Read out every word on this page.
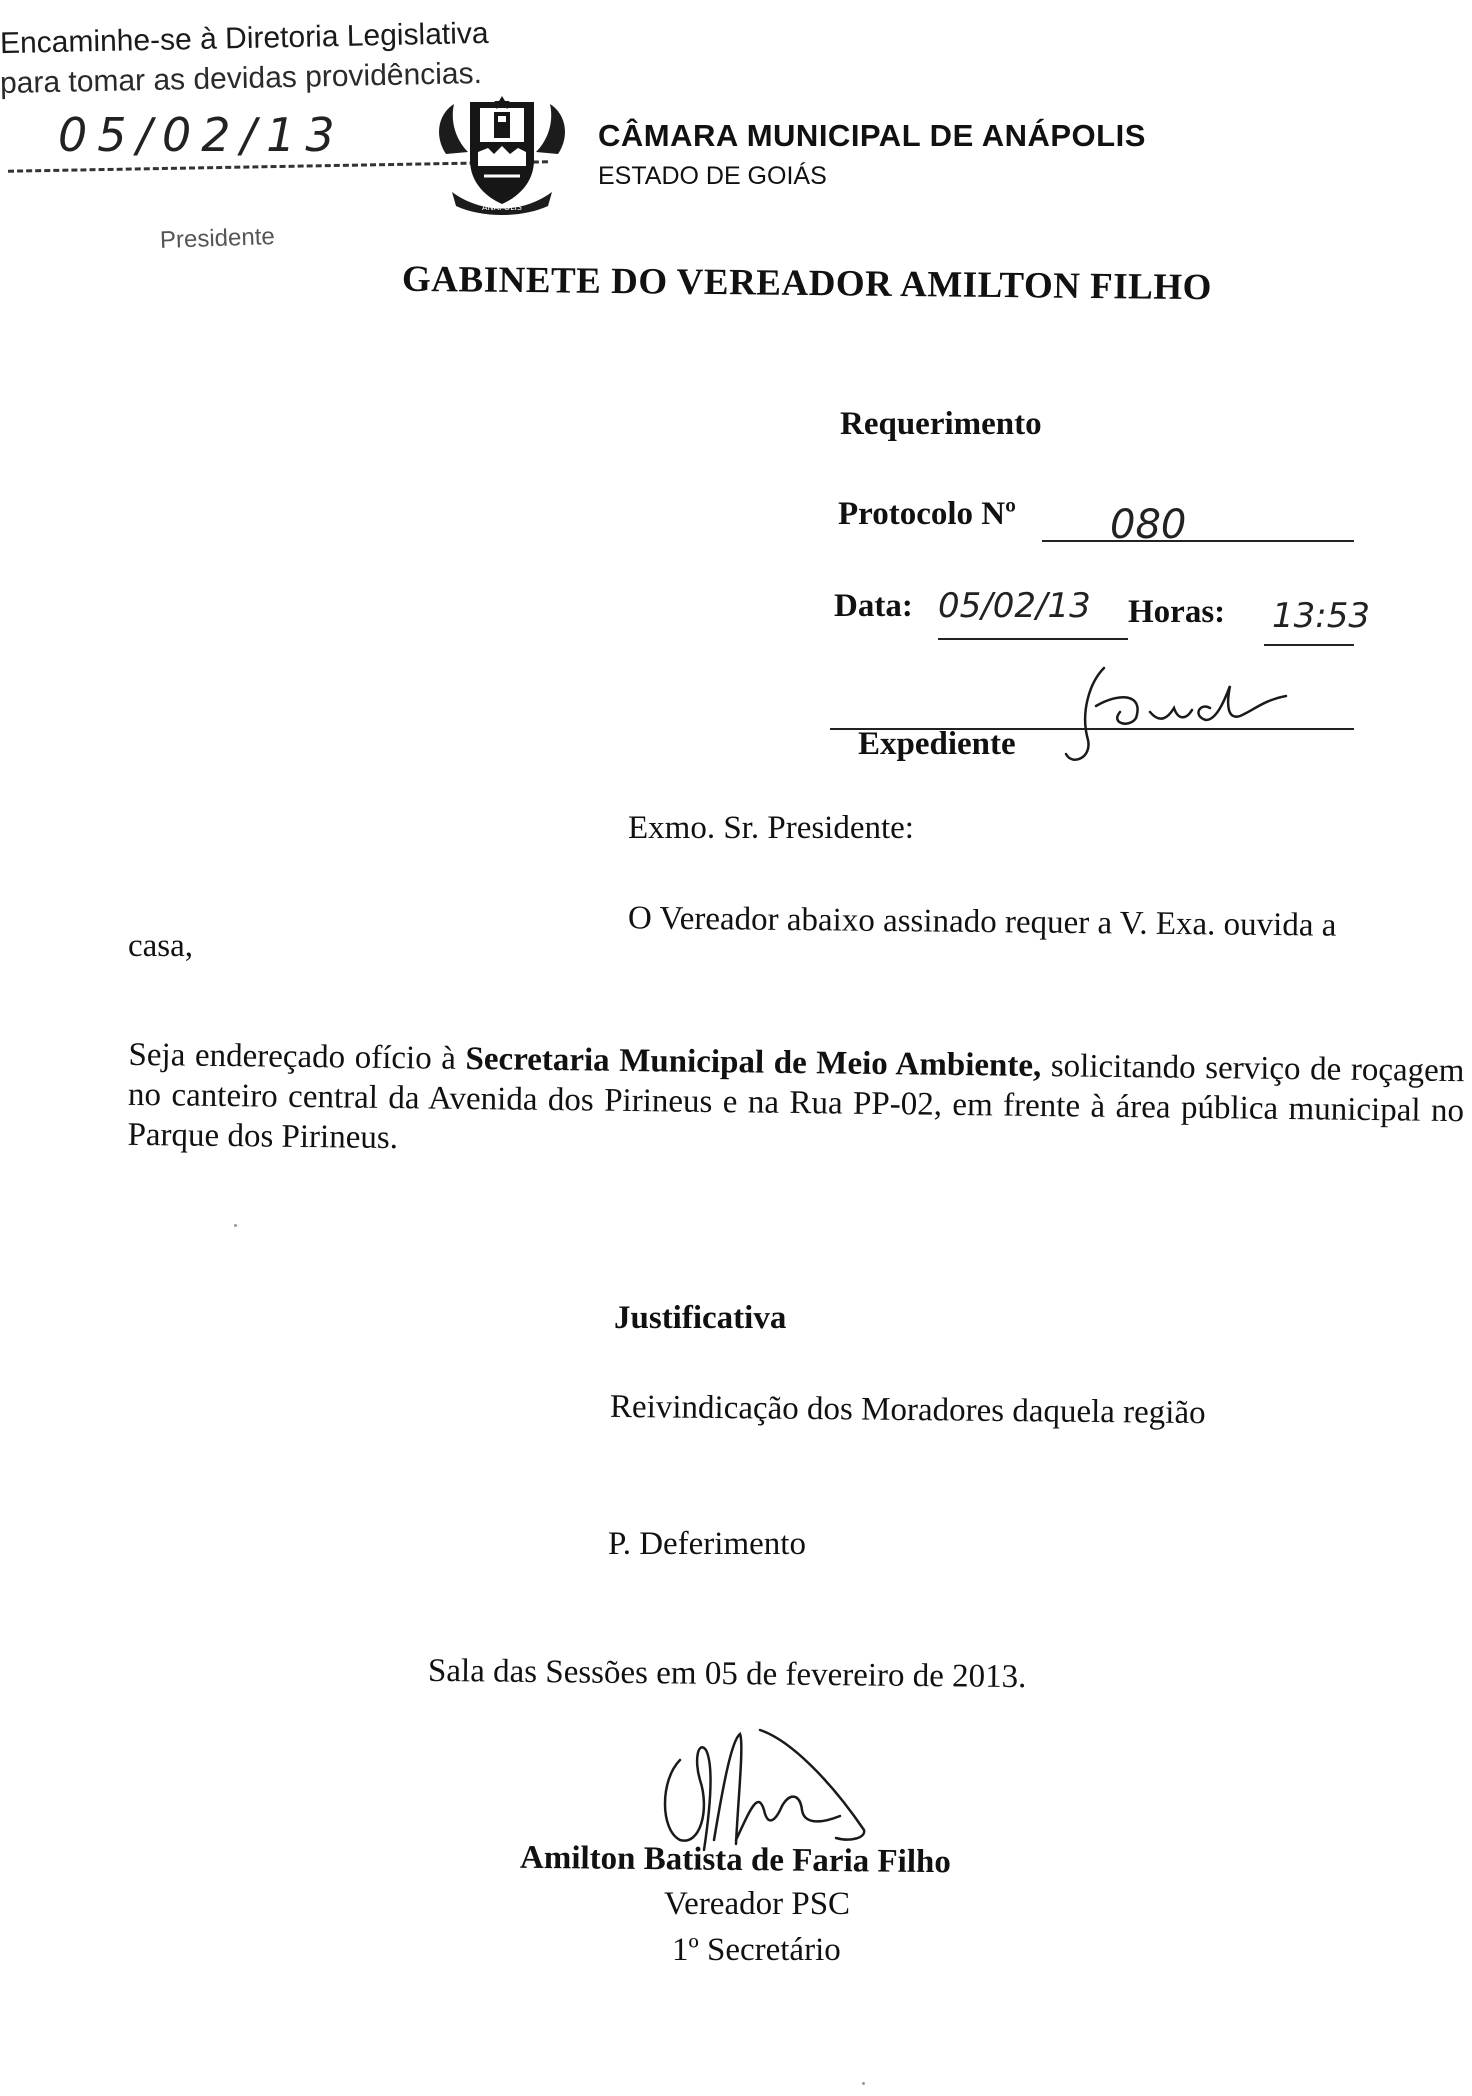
Encaminhe-se à Diretoria Legislativa
para tomar as devidas providências.
05/02/13
Presidente
ANÁPOLIS
CÂMARA MUNICIPAL DE ANÁPOLIS
ESTADO DE GOIÁS
GABINETE DO VEREADOR AMILTON FILHO
Requerimento
Protocolo Nº 080
Data: 05/02/13 Horas: 13:53
Expediente
Exmo. Sr. Presidente:
O Vereador abaixo assinado requer a V. Exa. ouvida a
casa,

Seja endereçado ofício à Secretaria Municipal de Meio Ambiente, solicitando serviço de roçagem no canteiro central da Avenida dos Pirineus e na Rua PP-02, em frente à área pública municipal no Parque dos Pirineus.

Justificativa
Reivindicação dos Moradores daquela região
P. Deferimento
Sala das Sessões em 05 de fevereiro de 2013.
Amilton Batista de Faria Filho
Vereador PSC
1º Secretário
